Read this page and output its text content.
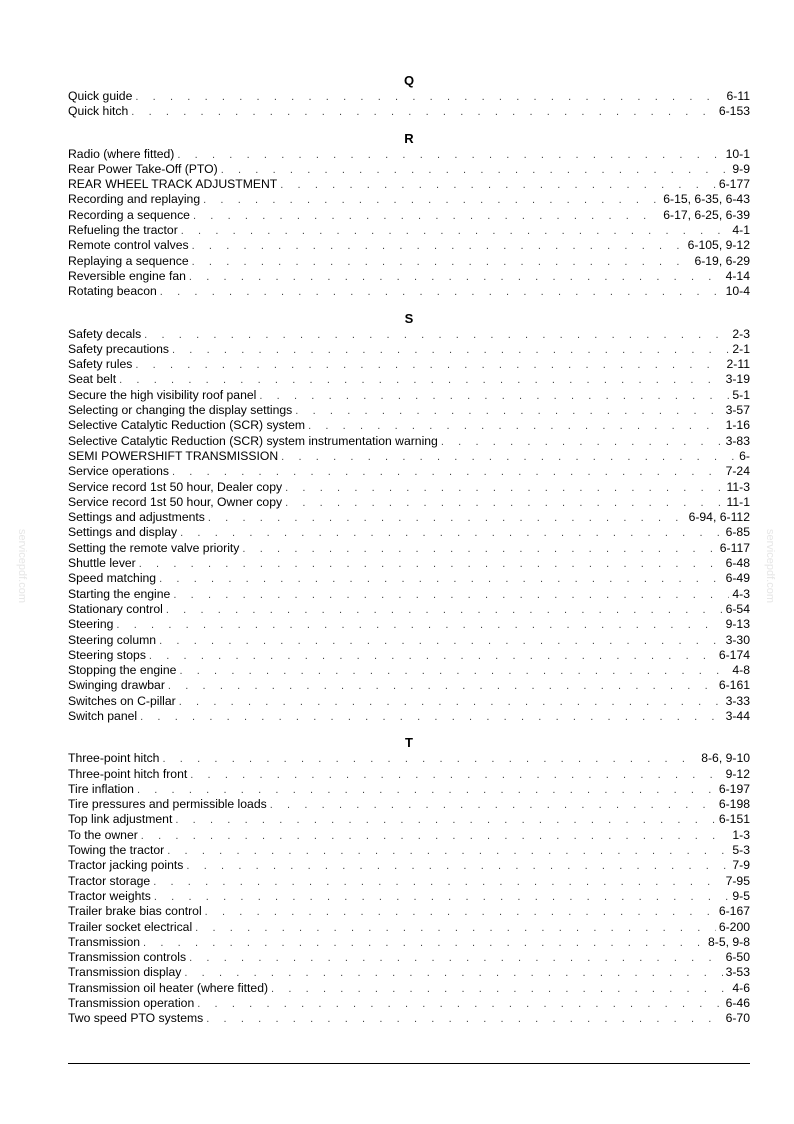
Q
Quick guide . . .	6-11
Quick hitch . . .	6-153
R
Radio (where fitted) . . .	10-1
Rear Power Take-Off (PTO) . . .	9-9
REAR WHEEL TRACK ADJUSTMENT . . .	6-177
Recording and replaying . . .	6-15, 6-35, 6-43
Recording a sequence . . .	6-17, 6-25, 6-39
Refueling the tractor . . .	4-1
Remote control valves . . .	6-105, 9-12
Replaying a sequence . . .	6-19, 6-29
Reversible engine fan . . .	4-14
Rotating beacon . . .	10-4
S
Safety decals . . .	2-3
Safety precautions . . .	2-1
Safety rules . . .	2-11
Seat belt . . .	3-19
Secure the high visibility roof panel . . .	5-1
Selecting or changing the display settings . . .	3-57
Selective Catalytic Reduction (SCR) system . . .	1-16
Selective Catalytic Reduction (SCR) system instrumentation warning . . .	3-83
SEMI POWERSHIFT TRANSMISSION . . .	6-
Service operations . . .	7-24
Service record 1st 50 hour, Dealer copy . . .	11-3
Service record 1st 50 hour, Owner copy . . .	11-1
Settings and adjustments . . .	6-94, 6-112
Settings and display . . .	6-85
Setting the remote valve priority . . .	6-117
Shuttle lever . . .	6-48
Speed matching . . .	6-49
Starting the engine . . .	4-3
Stationary control . . .	6-54
Steering . . .	9-13
Steering column . . .	3-30
Steering stops . . .	6-174
Stopping the engine . . .	4-8
Swinging drawbar . . .	6-161
Switches on C-pillar . . .	3-33
Switch panel . . .	3-44
T
Three-point hitch . . .	8-6, 9-10
Three-point hitch front . . .	9-12
Tire inflation . . .	6-197
Tire pressures and permissible loads . . .	6-198
Top link adjustment . . .	6-151
To the owner . . .	1-3
Towing the tractor . . .	5-3
Tractor jacking points . . .	7-9
Tractor storage . . .	7-95
Tractor weights . . .	9-5
Trailer brake bias control . . .	6-167
Trailer socket electrical . . .	6-200
Transmission . . .	8-5, 9-8
Transmission controls . . .	6-50
Transmission display . . .	3-53
Transmission oil heater (where fitted) . . .	4-6
Transmission operation . . .	6-46
Two speed PTO systems . . .	6-70
servicepdf.com	servicepdf.com
